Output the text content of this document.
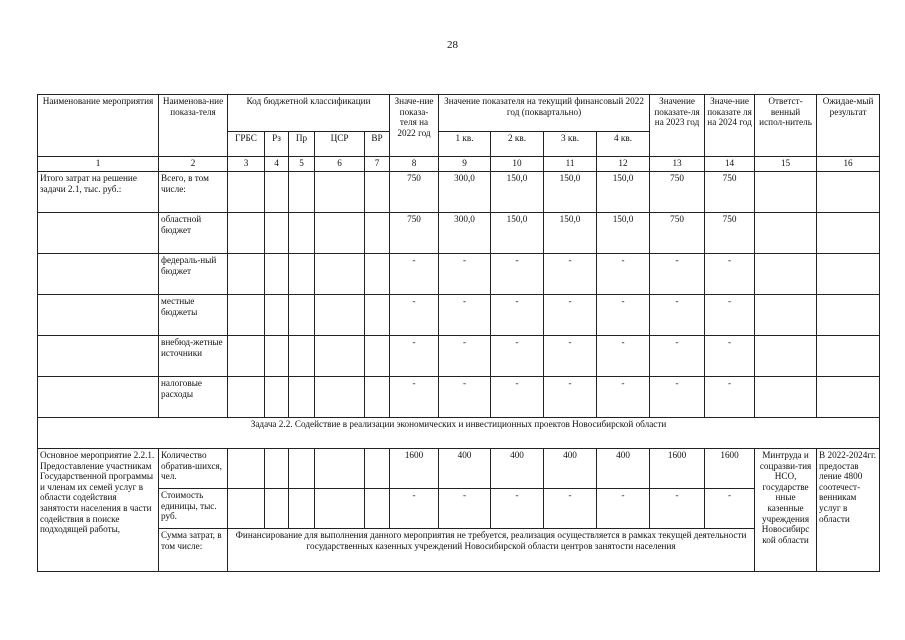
28
Наименование мероприятия	Наименова-ние показа-теля	Код бюджетной классификации					Значе-ние показа-теля на 2022 год	Значение показателя на текущий финансовый 2022 год (поквартально)				Значение показате-ля на 2023 год	Значе-ние показате ля на 2024 год	Ответст-венный испол-нитель	Ожидае-мый результат
		ГРБС	Рз	Пр	ЦСР	ВР		1 кв.	2 кв.	3 кв.	4 кв.				
1	2	3	4	5	6	7	8	9	10	11	12	13	14	15	16
Итого затрат на решение задачи 2.1, тыс. руб.:	Всего, в том числе:						750	300,0	150,0	150,0	150,0	750	750		
	областной бюджет						750	300,0	150,0	150,0	150,0	750	750		
	федераль-ный бюджет						-	-	-	-	-	-	-		
	местные бюджеты						-	-	-	-	-	-	-		
	внебюд-жетные источники						-	-	-	-	-	-	-		
	налоговые расходы						-	-	-	-	-	-	-		
Задача 2.2. Содействие в реализации экономических и инвестиционных проектов Новосибирской области															
Основное мероприятие 2.2.1. Предоставление участникам Государственной программы и членам их семей услуг в области содействия занятости населения в части содействия в поиске подходящей работы,	Количество обратив-шихся, чел.						1600	400	400	400	400	1600	1600	Минтруда и соцразви-тия НСО, государстве нные казенные учреждения Новосибирс кой области	В 2022-2024гг. предостав ление 4800 соотечест-венникам услуг в области
	Стоимость единицы, тыс. руб.						-	-	-	-	-	-	-		
	Сумма затрат, в том числе:	Финансирование для выполнения данного мероприятия не требуется, реализация осуществляется в рамках текущей деятельности государственных казенных учреждений Новосибирской области центров занятости населения													
